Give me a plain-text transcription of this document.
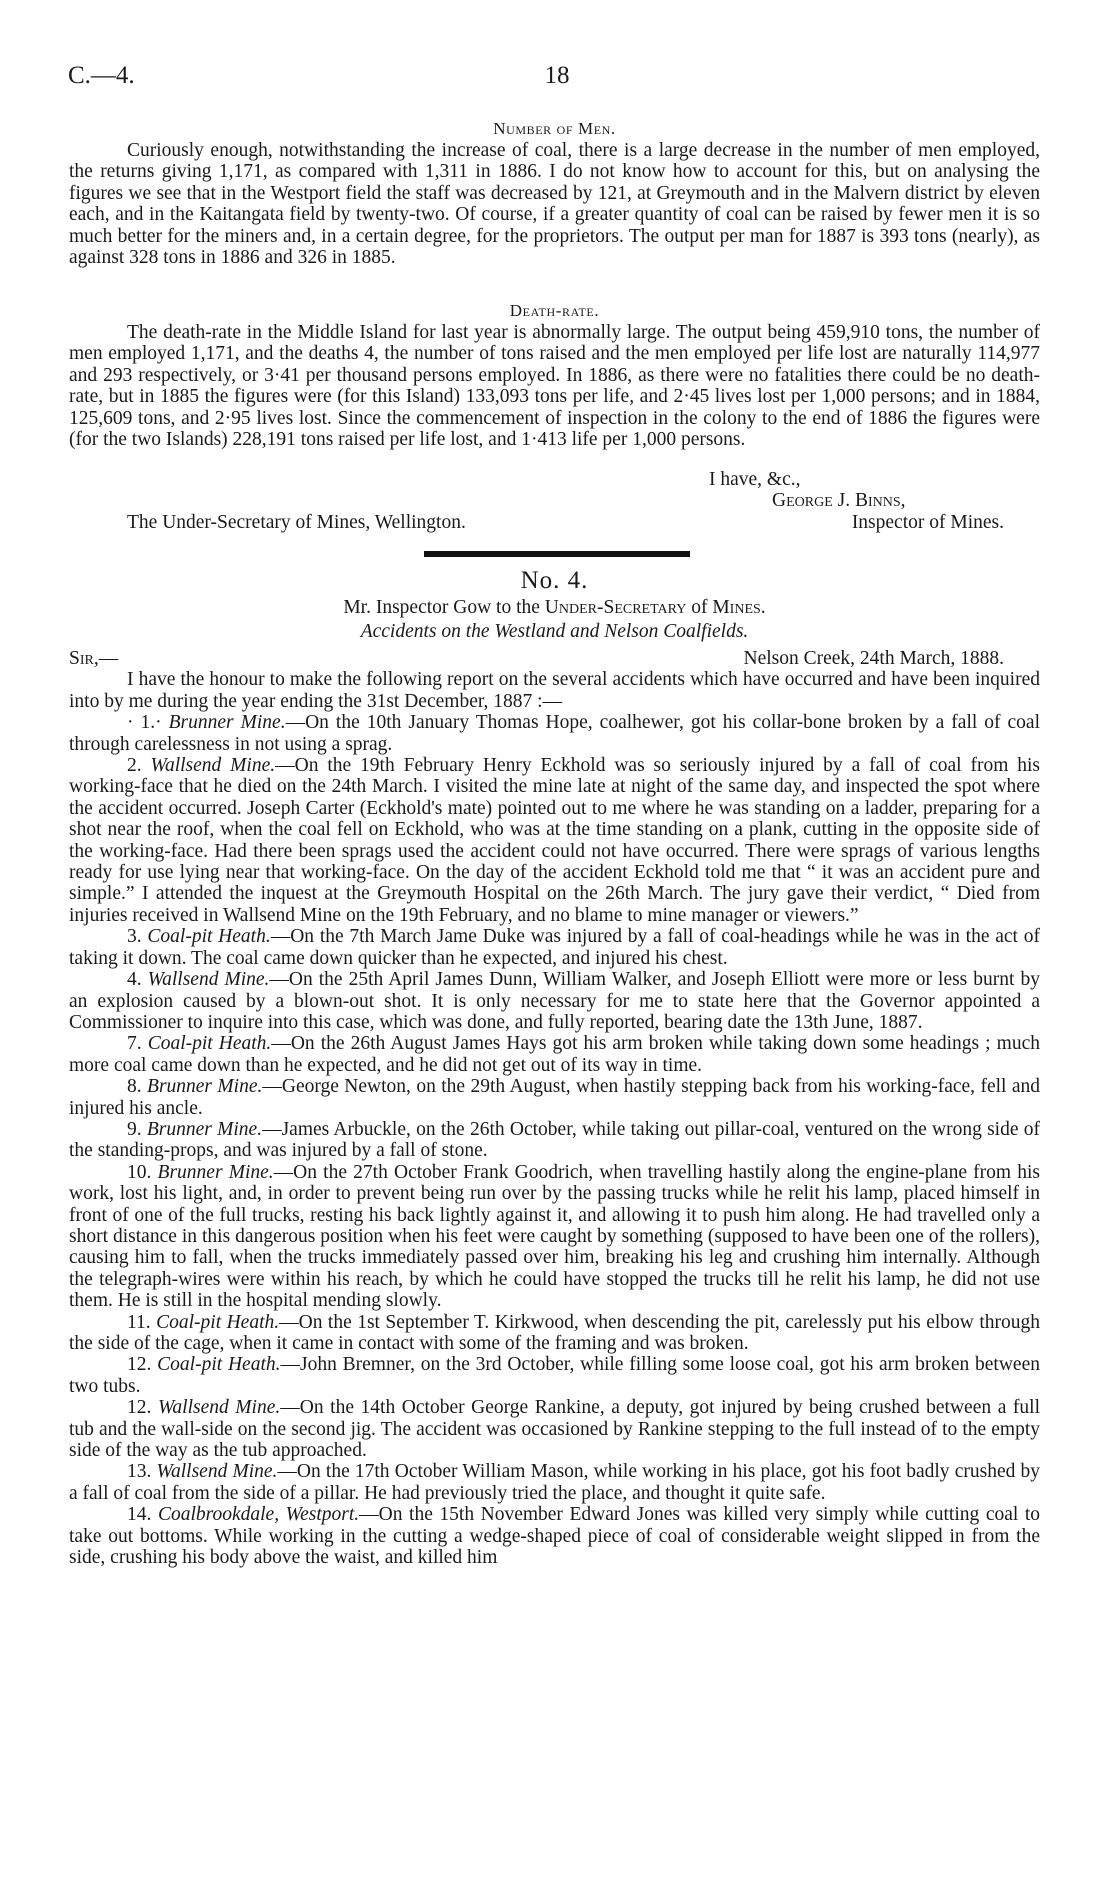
C.—4.	18
Number of Men.

Curiously enough, notwithstanding the increase of coal, there is a large decrease in the number of men employed, the returns giving 1,171, as compared with 1,311 in 1886. I do not know how to account for this, but on analysing the figures we see that in the Westport field the staff was decreased by 121, at Greymouth and in the Malvern district by eleven each, and in the Kaitangata field by twenty-two. Of course, if a greater quantity of coal can be raised by fewer men it is so much better for the miners and, in a certain degree, for the proprietors. The output per man for 1887 is 393 tons (nearly), as against 328 tons in 1886 and 326 in 1885.

Death-rate.

The death-rate in the Middle Island for last year is abnormally large. The output being 459,910 tons, the number of men employed 1,171, and the deaths 4, the number of tons raised and the men employed per life lost are naturally 114,977 and 293 respectively, or 3·41 per thousand persons employed. In 1886, as there were no fatalities there could be no death-rate, but in 1885 the figures were (for this Island) 133,093 tons per life, and 2·45 lives lost per 1,000 persons; and in 1884, 125,609 tons, and 2·95 lives lost. Since the commencement of inspection in the colony to the end of 1886 the figures were (for the two Islands) 228,191 tons raised per life lost, and 1·413 life per 1,000 persons.

I have, &c.,
George J. Binns,
The Under-Secretary of Mines, Wellington.	Inspector of Mines.
No. 4.
Mr. Inspector Gow to the Under-Secretary of Mines.
Accidents on the Westland and Nelson Coalfields.
Sir,—	Nelson Creek, 24th March, 1888.

I have the honour to make the following report on the several accidents which have occurred and have been inquired into by me during the year ending the 31st December, 1887 :—

· 1.· Brunner Mine.—On the 10th January Thomas Hope, coalhewer, got his collar-bone broken by a fall of coal through carelessness in not using a sprag.

2. Wallsend Mine.—On the 19th February Henry Eckhold was so seriously injured by a fall of coal from his working-face that he died on the 24th March. I visited the mine late at night of the same day, and inspected the spot where the accident occurred. Joseph Carter (Eckhold's mate) pointed out to me where he was standing on a ladder, preparing for a shot near the roof, when the coal fell on Eckhold, who was at the time standing on a plank, cutting in the opposite side of the working-face. Had there been sprags used the accident could not have occurred. There were sprags of various lengths ready for use lying near that working-face. On the day of the accident Eckhold told me that “ it was an accident pure and simple.” I attended the inquest at the Greymouth Hospital on the 26th March. The jury gave their verdict, “ Died from injuries received in Wallsend Mine on the 19th February, and no blame to mine manager or viewers.”

3. Coal-pit Heath.—On the 7th March Jame Duke was injured by a fall of coal-headings while he was in the act of taking it down. The coal came down quicker than he expected, and injured his chest.

4. Wallsend Mine.—On the 25th April James Dunn, William Walker, and Joseph Elliott were more or less burnt by an explosion caused by a blown-out shot. It is only necessary for me to state here that the Governor appointed a Commissioner to inquire into this case, which was done, and fully reported, bearing date the 13th June, 1887.

7. Coal-pit Heath.—On the 26th August James Hays got his arm broken while taking down some headings ; much more coal came down than he expected, and he did not get out of its way in time.

8. Brunner Mine.—George Newton, on the 29th August, when hastily stepping back from his working-face, fell and injured his ancle.

9. Brunner Mine.—James Arbuckle, on the 26th October, while taking out pillar-coal, ventured on the wrong side of the standing-props, and was injured by a fall of stone.

10. Brunner Mine.—On the 27th October Frank Goodrich, when travelling hastily along the engine-plane from his work, lost his light, and, in order to prevent being run over by the passing trucks while he relit his lamp, placed himself in front of one of the full trucks, resting his back lightly against it, and allowing it to push him along. He had travelled only a short distance in this dangerous position when his feet were caught by something (supposed to have been one of the rollers), causing him to fall, when the trucks immediately passed over him, breaking his leg and crushing him internally. Although the telegraph-wires were within his reach, by which he could have stopped the trucks till he relit his lamp, he did not use them. He is still in the hospital mending slowly.

11. Coal-pit Heath.—On the 1st September T. Kirkwood, when descending the pit, carelessly put his elbow through the side of the cage, when it came in contact with some of the framing and was broken.

12. Coal-pit Heath.—John Bremner, on the 3rd October, while filling some loose coal, got his arm broken between two tubs.

12. Wallsend Mine.—On the 14th October George Rankine, a deputy, got injured by being crushed between a full tub and the wall-side on the second jig. The accident was occasioned by Rankine stepping to the full instead of to the empty side of the way as the tub approached.

13. Wallsend Mine.—On the 17th October William Mason, while working in his place, got his foot badly crushed by a fall of coal from the side of a pillar. He had previously tried the place, and thought it quite safe.

14. Coalbrookdale, Westport.—On the 15th November Edward Jones was killed very simply while cutting coal to take out bottoms. While working in the cutting a wedge-shaped piece of coal of considerable weight slipped in from the side, crushing his body above the waist, and killed him
